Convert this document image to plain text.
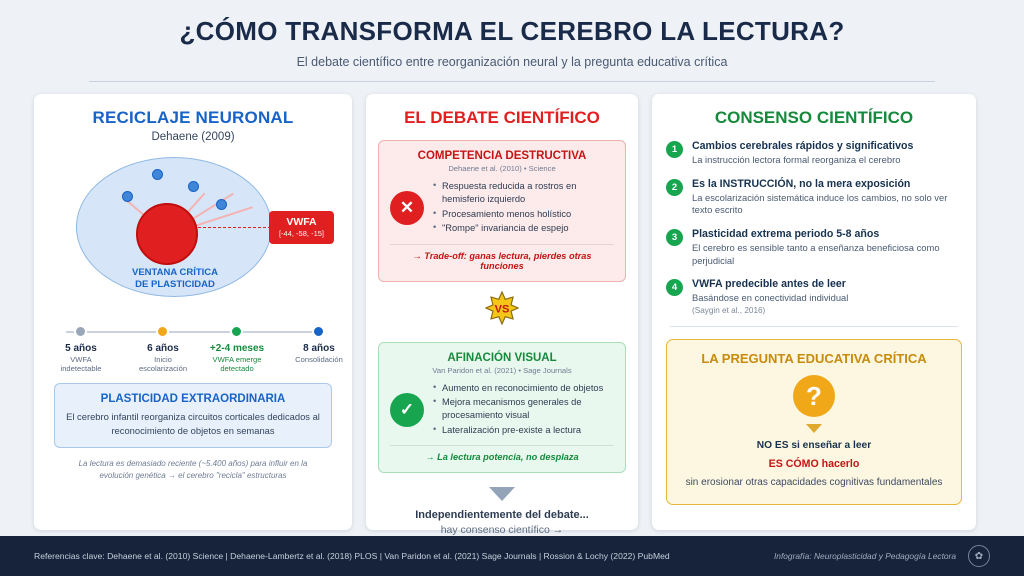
¿CÓMO TRANSFORMA EL CEREBRO LA LECTURA?
El debate científico entre reorganización neural y la pregunta educativa crítica
RECICLAJE NEURONAL
Dehaene (2009)
VWFA
[-44, -58, -15]
VENTANA CRÍTICA
DE PLASTICIDAD
5 años
VWFA
indetectable
6 años
Inicio
escolarización
+2-4 meses
VWFA emerge
detectado
8 años
Consolidación
PLASTICIDAD EXTRAORDINARIA

El cerebro infantil reorganiza circuitos corticales dedicados al reconocimiento de objetos en semanas

La lectura es demasiado reciente (~5.400 años) para influir en la evolución genética → el cerebro "recicla" estructuras
EL DEBATE CIENTÍFICO
COMPETENCIA DESTRUCTIVA
Dehaene et al. (2010) • Science
✕
• Respuesta reducida a rostros en hemisferio izquierdo
• Procesamiento menos holístico
• "Rompe" invariancia de espejo
→ Trade-off: ganas lectura, pierdes otras funciones
VS
AFINACIÓN VISUAL
Van Paridon et al. (2021) • Sage Journals
✓
• Aumento en reconocimiento de objetos
• Mejora mecanismos generales de procesamiento visual
• Lateralización pre-existe a lectura
→ La lectura potencia, no desplaza
Independientemente del debate...
hay consenso científico →
CONSENSO CIENTÍFICO
1	Cambios cerebrales rápidos y significativos
La instrucción lectora formal reorganiza el cerebro
2	Es la INSTRUCCIÓN, no la mera exposición
La escolarización sistemática induce los cambios, no solo ver texto escrito
3	Plasticidad extrema periodo 5-8 años
El cerebro es sensible tanto a enseñanza beneficiosa como perjudicial
4	VWFA predecible antes de leer
Basándose en conectividad individual
(Saygin et al., 2016)
LA PREGUNTA EDUCATIVA CRÍTICA
?
NO ES si enseñar a leer
ES CÓMO hacerlo
sin erosionar otras capacidades cognitivas fundamentales
Referencias clave: Dehaene et al. (2010) Science | Dehaene-Lambertz et al. (2018) PLOS | Van Paridon et al. (2021) Sage Journals | Rossion & Lochy (2022) PubMed	Infografía: Neuroplasticidad y Pedagogía Lectora	✿
